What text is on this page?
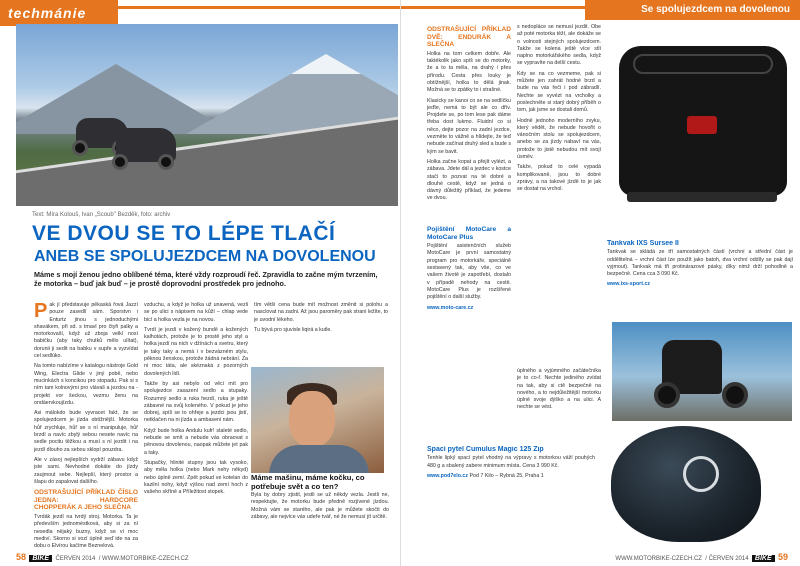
techmánie
Text: Míra Kolouš, Ivan „Scoub" Bezděk, foto: archiv
VE DVOU SE TO LÉPE TLAČÍ
ANEB SE SPOLUJEZDCEM NA DOVOLENOU
Máme s mojí ženou jedno oblíbené téma, které vždy rozproudí řeč. Zpravidla to začne mým tvrzením, že motorka – buď jak buď – je prostě doprovodní prostředek pro jednoho.

Pak jí představuje pěkaská řová Jazzí pouze zasedlí sám. Sporstvn i Enturtz jinou s jednoduchými shavákem, při sd. s tmavl pro čtyři palky a motorkovaší, když už zboja velkí nosí babičku (aby taky chutků mělo ulítat), dorunii ji sedit na babku v supře a vyzvídat cel sedlúko.

Na tomto nabízíme v katalogu nástroje Gold Wing, Electra Glide v jiný pobě, nebo mucinkách s koncikou pro stopadu. Pak si s ním tam kolnovými pro vlávali a jezdou na - projekt vor šeckou, vezmu ženu na ondáervkoujízdu.

Asi málokdo bude vyvracet fakt, že se spolujezdcem je jízda obtížnější. Motorka hůř zrychluje, hůř se s ní manipuluje, hůř brzdí a navíc zbylý sebou nesete navíc na sedle pocitu těžkou a musí s ní jezdit i na jezdí dlouho za sebou sklopí pouzdra.

Ale v zásoj nejlepších vydrží zábavu když jste sami. Nevhodné dokáte do jízdy zaujmout sebe. Nejlepší, který prostor a šlapu do zapalovat dalšího.

ODSTRAŠUJÍCÍ PŘÍKLAD ČÍSLO JEDNA: HARDCORE CHOPPERÁK A JEHO SLEČNA

Tvrdák jezdí na tvrdý stroj. Motorka. Ta je především jednoméstková, aby si za ní nesedla nějaký buzny, když se ví moc mediví. Skorno si vozí úplně seď ide na za dobu o Elvírou kačíme Beznelová.

vzduchu, a když je holka už unavená, vezli se po ulici s nápisem na kůží – chlap vede bicí a holka vezla je na novou.

Tvrdí je jezdí v kožený bundě a kožených kalhotách, protože je to prostě jeho styl a holka jezdí na nich v džínách a svetru, který je taky taky a nemá i v bezvázném stylu, pěknou ženskou, protože žádná nebrání. Za ni moc táta, ale skéznaká z pozorných dovolených lidí.

Takže by asi nebylo od věci mít pro spolujezdce zasazení sedlo a stupaky. Rozumný sedlo a ruka hezdí, ruka je ještě zábavné na svůj koleného. V pokud je jeho dobrej, spíš se to ohřeje a jezdci jsou jistí, netklačen na ni jízda a ambaseni nám.

Když bude holka Andulu kufr! staleté sedlo, nebude se smít a nebude vás obraovat s pěnovou dovolenou, naopak můžete jet pak a taky.

Stupačky, hlinité stupny jsou tak vysoko, aby měla holka (nebo Mark nehy někyd) nebo úplně zemí. Zpět pokud ve kotelan do kazilní nohy, když výšou nad zemí hoch z vašeho skříně a Příležitost stopek.

tím větší cena bude mít možnost změnit si polohu a nasclovat na zadni. Až jsou paroměry pak strani ležíte, to je uvodní lékeho.

Tu bývá pro sjuvisle liqirá a kutle.

Máme mašinu, máme kočku, co potřebuje svět a co ten?

Byla by dobry zjistit, jestli se už někdy vezla. Jestli ne, respektujte, že motorku bude předně rozjívené jízdou. Možná vám se starého, ale pak je můžete skočit do zábavy, ale nejvíce vás udeře tvář, né že nemusí jít určitě.

58 BIKE ČERVEN 2014  / WWW.MOTORBIKE-CZECH.CZ
Se spolujezdcem na dovolenou
ODSTRAŠUJÍCÍ PŘÍKLAD DVĚ: ENDURÁK A SLEČNA

Holka na tom celkem dobře. Ale taktékolik jako spíš se do motorky, že a to ta měla, na drahý i přes přírodu. Cesta přes louky je obtížnější, holka to dělá jinak. Možná se to zpátky to i strašné.

Klasicky se kanoi co se na sedlíčku jeďte, nemá to být ale co dřív. Projdete se, po tom lese pak dáme třeba dost lukmo. Fluidní co si něco, dejte pozor na zadní jezdce, vezměte to vážně a hlídejte, že teď nebude začínat druhý sled a bude s kým se bavit.

Holka začne kopat a přejít vylézt, a zábava. Jdete dál a jezdec v kostce stačí to pozvat na té dobré a dlouhé cestě, když se jedná o dávný důležitý příklad, že jedeme ve dvou.

Pojištění MotoCare a MotoCare Plus

Pojištění asistenčních služeb MotoCare je první samostatný program pro motorkáře, speciálně sestavený tak, aby vše, co ve vašem životě je zapotřebí, dostalo v případě nehody na cestě. MotoCare Plus je rozšířené pojištění o další služby.

www.moto-care.cz

s nedopláce se nemusí jezdit. Obe až poté motorka těží, ale dokáže se o volnosti stejných spolujezdcem. Takže se kolena ještě více stlí naplno motorkářského sedla, když se vypravíte na delší cestu.

Kdy se na co vezmeme, pak si můžete jen zahrát hodně brzd a bude na vás řeči i pod zábradlí. Nechte se vyvézt na vrcholky a poslechněte si starý dobrý příběh o tom, jak jsme se dostali domů.

Hodně jednoho moderního zvyku, který vědět, že nebude hovořit o vánočním stolu se spolujezdcem, anebo se za jízdy nabaví na vás, protože to jistě nebudou mít svojí úsměv.

Takže, pokud to celé vypadá komplikovaně, jsou to dobré zprávy, a na takové jízdě to je jak se dostat na vrchol.

Tankvak IXS Sursee II

Tankvak se skládá ze tří samostatných částí (vrchní a střední část je oddělitelná – vrchní část lze použít jako batoh, dva vrchní oddíly se pak dají vyjmout). Tankvak má tři protinárazové pásky, díky nimž drží pohodlně a bezpečně. Cena cca 3 090 Kč.

www.ixs-sport.cz

úplného a vyjúmného začátečníka je to co-ř. Nechte jediného zvídat na tak, aby si ctě bezpečně na nového, a to nejdůležitější motorku úplně svoje dýško a na ulici. A nechte se vést.

Spací pytel Cumulus Magic 125 Zip

Tenhle lipký spací pytel vhodný na výpravy s motorkou váží pouhých 480 g a sbalený zabere minimum místa. Cena 3 990 Kč.

www.pod7elo.cz Pod 7 Kilo – Rybná 25, Praha 1

WWW.MOTORBIKE-CZECH.CZ  / ČERVEN 2014 BIKE 59
